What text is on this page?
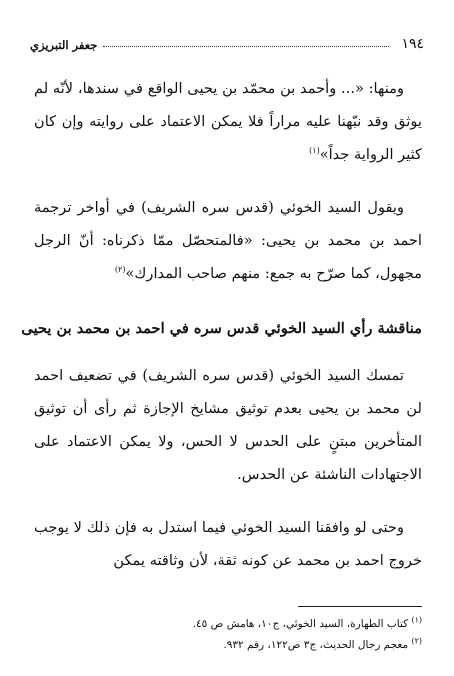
١٩٤
جعفر التبريزي

ومنها: «... وأحمد بن محمّد بن يحيى الواقع في سندها، لأنّه لم يوثق وقد نبّهنا عليه مراراً فلا يمكن الاعتماد على روايته وإن كان كثير الرواية جداً»$^{(١)}$

ويقول السيد الخوئي (قدس سره الشريف) في أواخر ترجمة احمد بن محمد بن يحيى: «فالمتحصّل ممّا ذكرناه: أنّ الرجل مجهول، كما صرّح به جمع: منهم صاحب المدارك»$^{(٢)}$

مناقشة رأي السيد الخوئي قدس سره في احمد بن محمد بن يحيى

تمسك السيد الخوئي (قدس سره الشريف) في تضعيف احمد لن محمد بن يحيى بعدم توثيق مشايخ الإجازة ثم رأى أن توثيق المتأخرين مبتنٍ على الحدس لا الحس، ولا يمكن الاعتماد على الاجتهادات الناشئة عن الحدس.

وحتى لو وافقنا السيد الخوئي فيما استدل به فإن ذلك لا يوجب خروج احمد بن محمد عن كونه ثقة، لأن وثاقته يمكن

$^{(١)}$ كتاب الطهارة، السيد الخوئي، ج١٠، هامش ص ٤٥.

$^{(٢)}$ معجم رجال الحديث، ج٣ ص١٢٢، رقم ٩٣٢.
